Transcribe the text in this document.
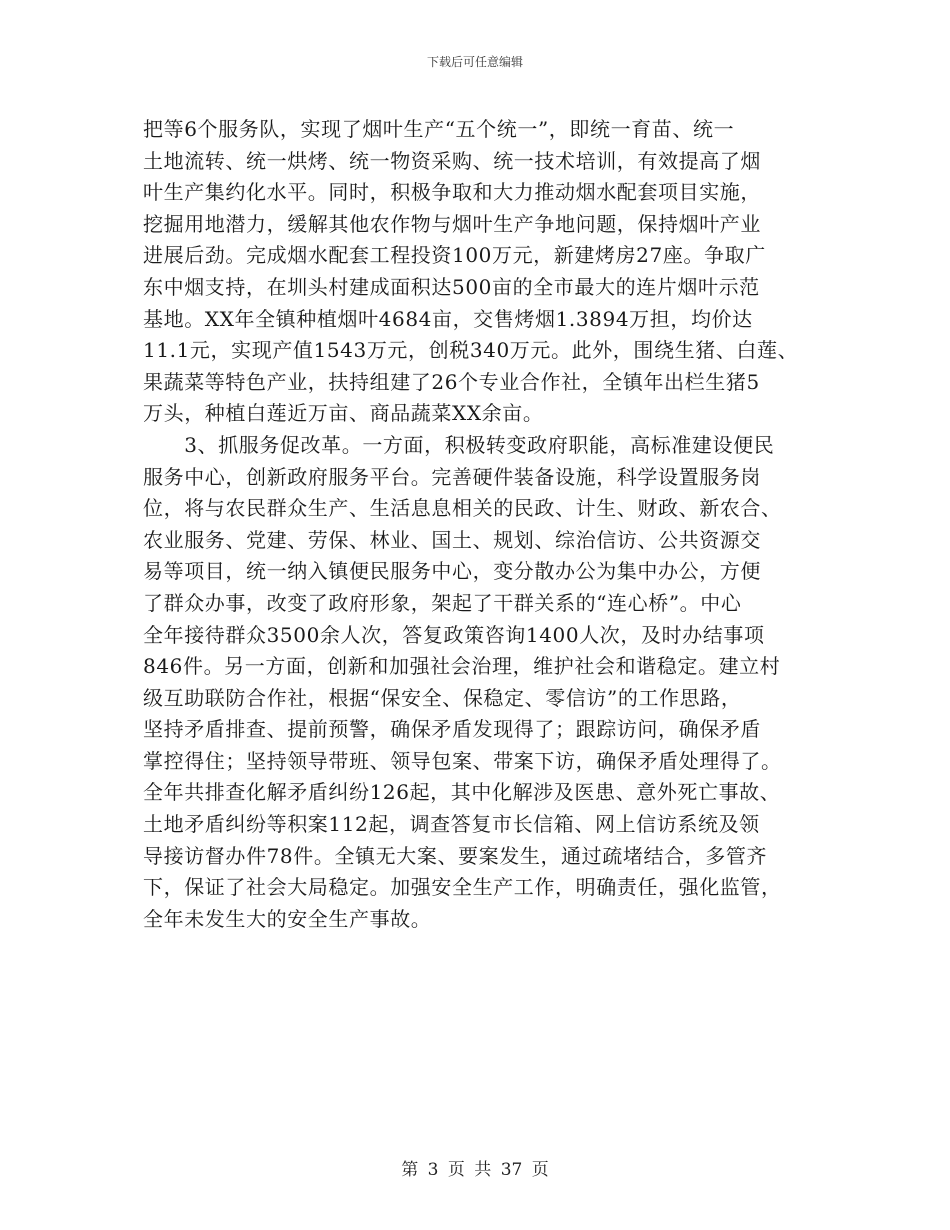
下载后可任意编辑
把等6个服务队，实现了烟叶生产“五个统一”，即统一育苗、统一
土地流转、统一烘烤、统一物资采购、统一技术培训，有效提高了烟
叶生产集约化水平。同时，积极争取和大力推动烟水配套项目实施，
挖掘用地潜力，缓解其他农作物与烟叶生产争地问题，保持烟叶产业
进展后劲。完成烟水配套工程投资100万元，新建烤房27座。争取广
东中烟支持，在圳头村建成面积达500亩的全市最大的连片烟叶示范
基地。XX年全镇种植烟叶4684亩，交售烤烟1.3894万担，均价达
11.1元，实现产值1543万元，创税340万元。此外，围绕生猪、白莲、
果蔬菜等特色产业，扶持组建了26个专业合作社，全镇年出栏生猪5
万头，种植白莲近万亩、商品蔬菜XX余亩。
　　3、抓服务促改革。一方面，积极转变政府职能，高标准建设便民
服务中心，创新政府服务平台。完善硬件装备设施，科学设置服务岗
位，将与农民群众生产、生活息息相关的民政、计生、财政、新农合、
农业服务、党建、劳保、林业、国土、规划、综治信访、公共资源交
易等项目，统一纳入镇便民服务中心，变分散办公为集中办公，方便
了群众办事，改变了政府形象，架起了干群关系的“连心桥”。中心
全年接待群众3500余人次，答复政策咨询1400人次，及时办结事项
846件。另一方面，创新和加强社会治理，维护社会和谐稳定。建立村
级互助联防合作社，根据“保安全、保稳定、零信访”的工作思路，
坚持矛盾排查、提前预警，确保矛盾发现得了；跟踪访问，确保矛盾
掌控得住；坚持领导带班、领导包案、带案下访，确保矛盾处理得了。
全年共排查化解矛盾纠纷126起，其中化解涉及医患、意外死亡事故、
土地矛盾纠纷等积案112起，调查答复市长信箱、网上信访系统及领
导接访督办件78件。全镇无大案、要案发生，通过疏堵结合，多管齐
下，保证了社会大局稳定。加强安全生产工作，明确责任，强化监管，
全年未发生大的安全生产事故。
第 3 页 共 37 页
